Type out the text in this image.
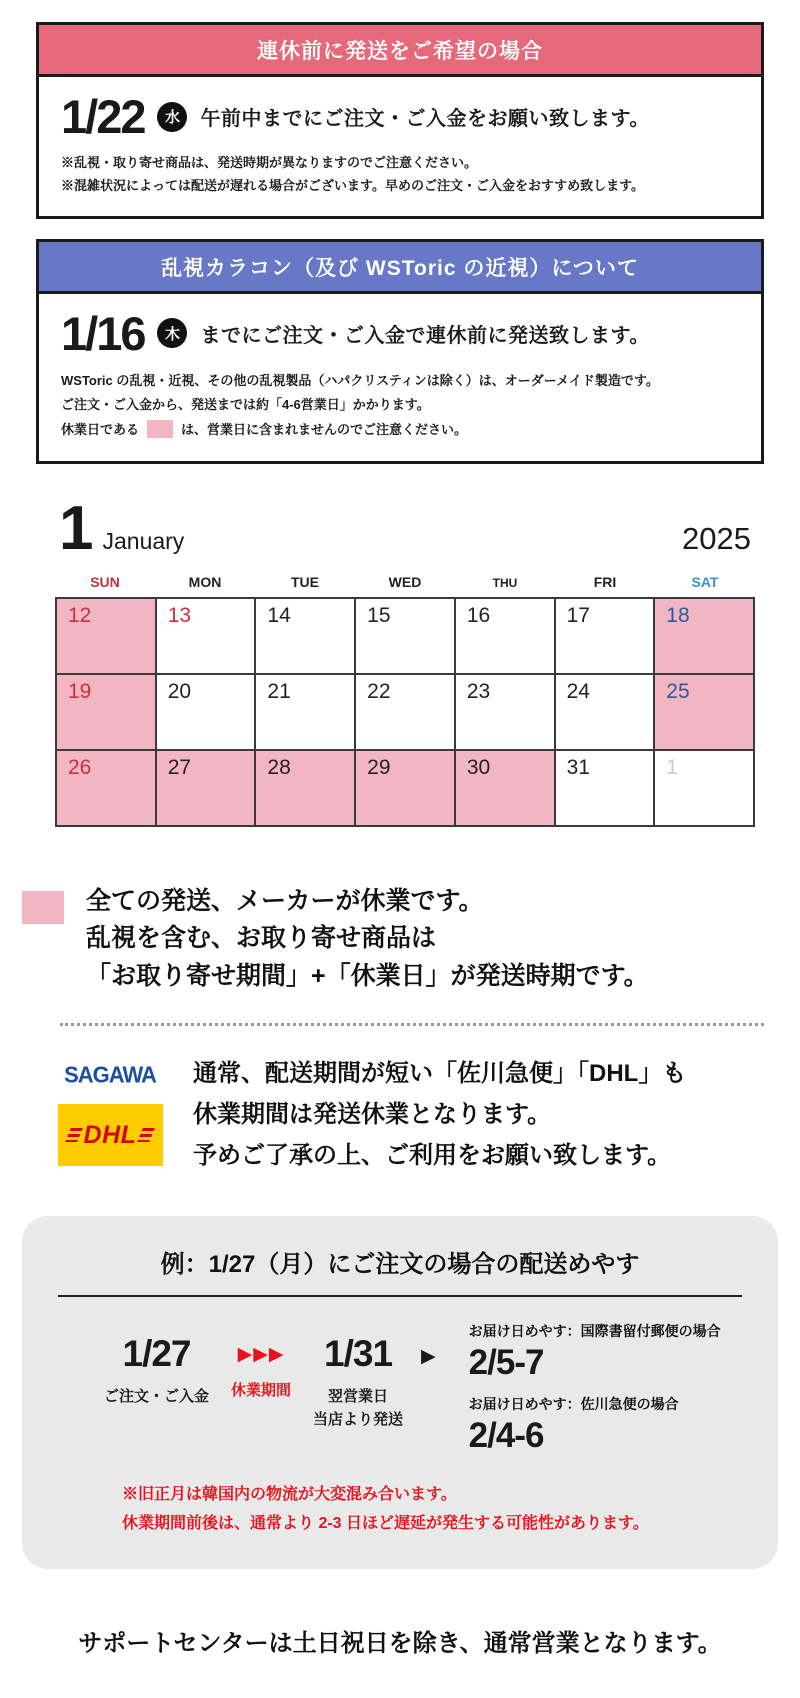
連休前に発送をご希望の場合
1/22	水	午前中までにご注文・ご入金をお願い致します。
※乱視・取り寄せ商品は、発送時期が異なりますのでご注意ください。
※混雑状況によっては配送が遅れる場合がございます。早めのご注文・ご入金をおすすめ致します。
乱視カラコン（及び WSToric の近視）について
1/16	木	までにご注文・ご入金で連休前に発送致します。
WSToric の乱視・近視、その他の乱視製品（ハパクリスティンは除く）は、オーダーメイド製造です。
ご注文・ご入金から、発送までは約「4-6営業日」かかります。
休業日である	は、営業日に含まれませんのでご注意ください。
1 January	2025
SUN	MON	TUE	WED	THU	FRI	SAT
12	13	14	15	16	17	18
19	20	21	22	23	24	25
26	27	28	29	30	31	1
全ての発送、メーカーが休業です。
乱視を含む、お取り寄せ商品は
「お取り寄せ期間」+「休業日」が発送時期です。
SAGAWA
DHL
通常、配送期間が短い「佐川急便」「DHL」も
休業期間は発送休業となります。
予めご了承の上、ご利用をお願い致します。
例：1/27（月）にご注文の場合の配送めやす
1/27
ご注文・ご入金
▶▶▶
休業期間
1/31
翌営業日
当店より発送
▶
お届け日めやす：国際書留付郵便の場合
2/5-7
お届け日めやす：佐川急便の場合
2/4-6
※旧正月は韓国内の物流が大変混み合います。
休業期間前後は、通常より 2-3 日ほど遅延が発生する可能性があります。
サポートセンターは土日祝日を除き、通常営業となります。
